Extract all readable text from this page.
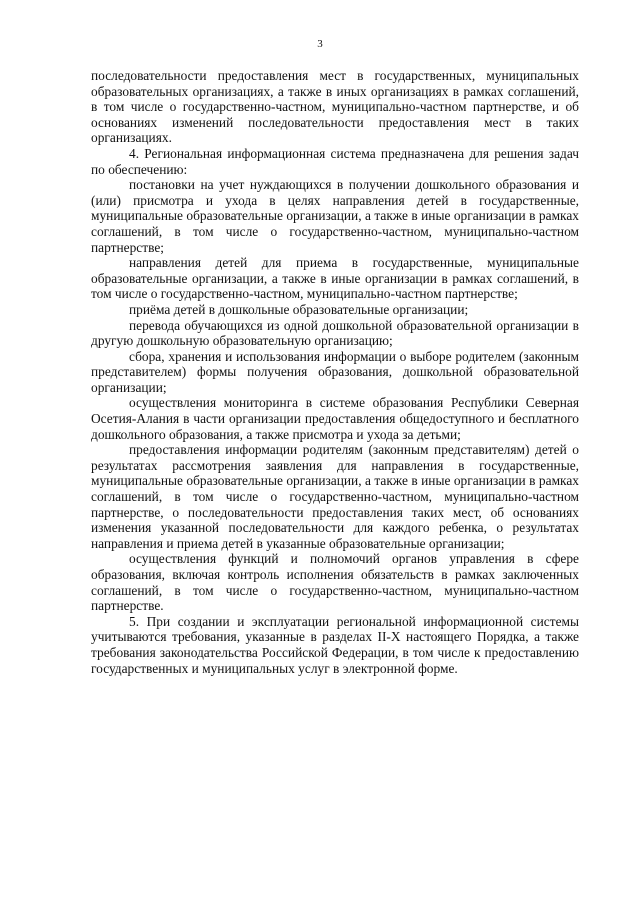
3

последовательности предоставления мест в государственных, муниципальных образовательных организациях, а также в иных организациях в рамках соглашений, в том числе о государственно-частном, муниципально-частном партнерстве, и об основаниях изменений последовательности предоставления мест в таких организациях.

4. Региональная информационная система предназначена для решения задач по обеспечению:

постановки на учет нуждающихся в получении дошкольного образования и (или) присмотра и ухода в целях направления детей в государственные, муниципальные образовательные организации, а также в иные организации в рамках соглашений, в том числе о государственно-частном, муниципально-частном партнерстве;

направления детей для приема в государственные, муниципальные образовательные организации, а также в иные организации в рамках соглашений, в том числе о государственно-частном, муниципально-частном партнерстве;

приёма детей в дошкольные образовательные организации;

перевода обучающихся из одной дошкольной образовательной организации в другую дошкольную образовательную организацию;

сбора, хранения и использования информации о выборе родителем (законным представителем) формы получения образования, дошкольной образовательной организации;

осуществления мониторинга в системе образования Республики Северная Осетия-Алания в части организации предоставления общедоступного и бесплатного дошкольного образования, а также присмотра и ухода за детьми;

предоставления информации родителям (законным представителям) детей о результатах рассмотрения заявления для направления в государственные, муниципальные образовательные организации, а также в иные организации в рамках соглашений, в том числе о государственно-частном, муниципально-частном партнерстве, о последовательности предоставления таких мест, об основаниях изменения указанной последовательности для каждого ребенка, о результатах направления и приема детей в указанные образовательные организации;

осуществления функций и полномочий органов управления в сфере образования, включая контроль исполнения обязательств в рамках заключенных соглашений, в том числе о государственно-частном, муниципально-частном партнерстве.

5. При создании и эксплуатации региональной информационной системы учитываются требования, указанные в разделах II-X настоящего Порядка, а также требования законодательства Российской Федерации, в том числе к предоставлению государственных и муниципальных услуг в электронной форме.
